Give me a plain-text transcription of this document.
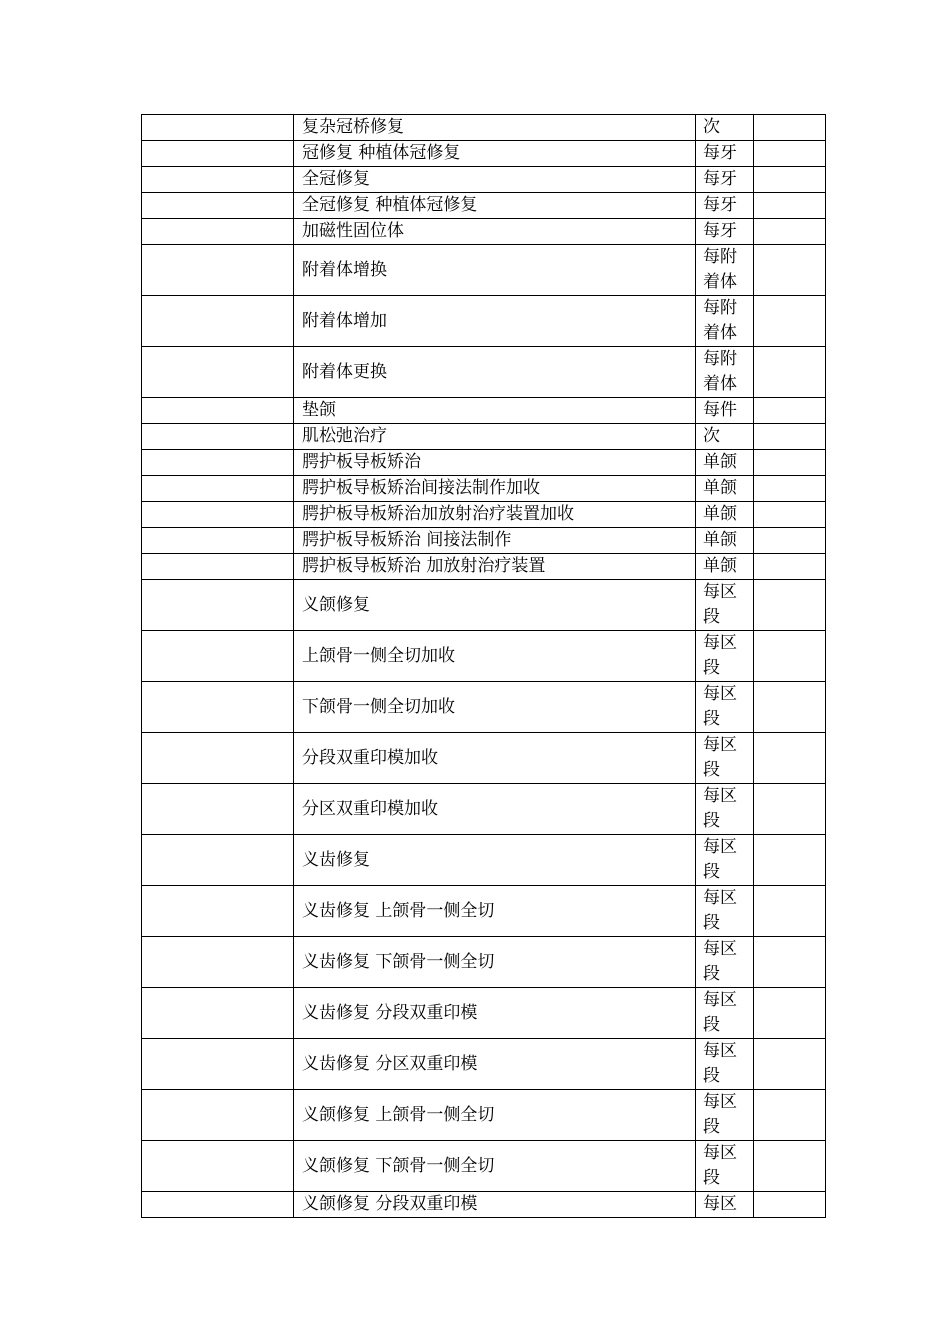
	复杂冠桥修复	次	
	冠修复 种植体冠修复	每牙	
	全冠修复	每牙	
	全冠修复 种植体冠修复	每牙	
	加磁性固位体	每牙	
	附着体增换	每附着体	
	附着体增加	每附着体	
	附着体更换	每附着体	
	垫颌	每件	
	肌松弛治疗	次	
	腭护板导板矫治	单颌	
	腭护板导板矫治间接法制作加收	单颌	
	腭护板导板矫治加放射治疗装置加收	单颌	
	腭护板导板矫治 间接法制作	单颌	
	腭护板导板矫治 加放射治疗装置	单颌	
	义颌修复	每区段	
	上颌骨一侧全切加收	每区段	
	下颌骨一侧全切加收	每区段	
	分段双重印模加收	每区段	
	分区双重印模加收	每区段	
	义齿修复	每区段	
	义齿修复 上颌骨一侧全切	每区段	
	义齿修复 下颌骨一侧全切	每区段	
	义齿修复 分段双重印模	每区段	
	义齿修复 分区双重印模	每区段	
	义颌修复 上颌骨一侧全切	每区段	
	义颌修复 下颌骨一侧全切	每区段	
	义颌修复 分段双重印模	每区	
